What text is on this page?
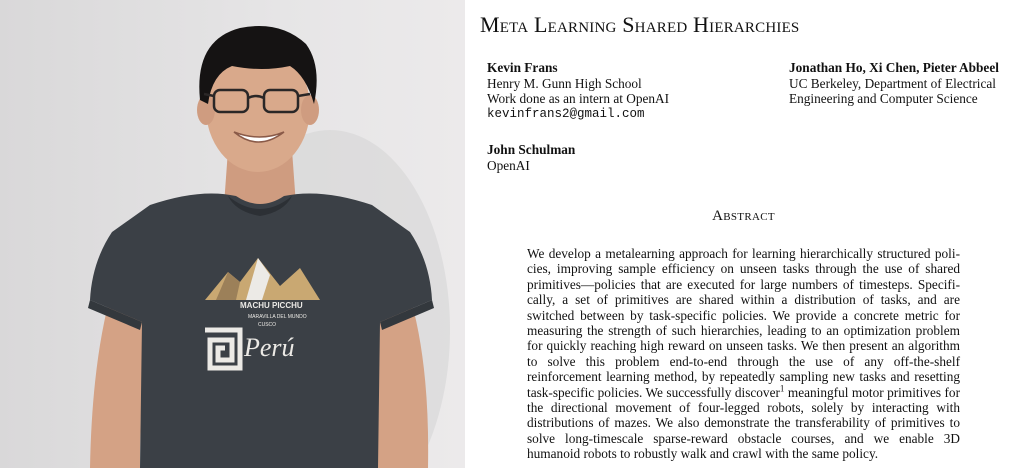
MACHU PICCHU
MARAVILLA DEL MUNDO
CUSCO
Perú
Meta Learning Shared Hierarchies
Kevin Frans
Henry M. Gunn High School
Work done as an intern at OpenAI
kevinfrans2@gmail.com
Jonathan Ho, Xi Chen, Pieter Abbeel
UC Berkeley, Department of Electrical
Engineering and Computer Science
John Schulman
OpenAI
Abstract
We develop a metalearning approach for learning hierarchically structured policies, improving sample efficiency on unseen tasks through the use of shared primitives—policies that are executed for large numbers of timesteps. Specifically, a set of primitives are shared within a distribution of tasks, and are switched between by task-specific policies. We provide a concrete metric for measuring the strength of such hierarchies, leading to an optimization problem for quickly reaching high reward on unseen tasks. We then present an algorithm to solve this problem end-to-end through the use of any off-the-shelf reinforcement learning method, by repeatedly sampling new tasks and resetting task-specific policies. We successfully discover$^1$ meaningful motor primitives for the directional movement of four-legged robots, solely by interacting with distributions of mazes. We also demonstrate the transferability of primitives to solve long-timescale sparse-reward obstacle courses, and we enable 3D humanoid robots to robustly walk and crawl with the same policy.
